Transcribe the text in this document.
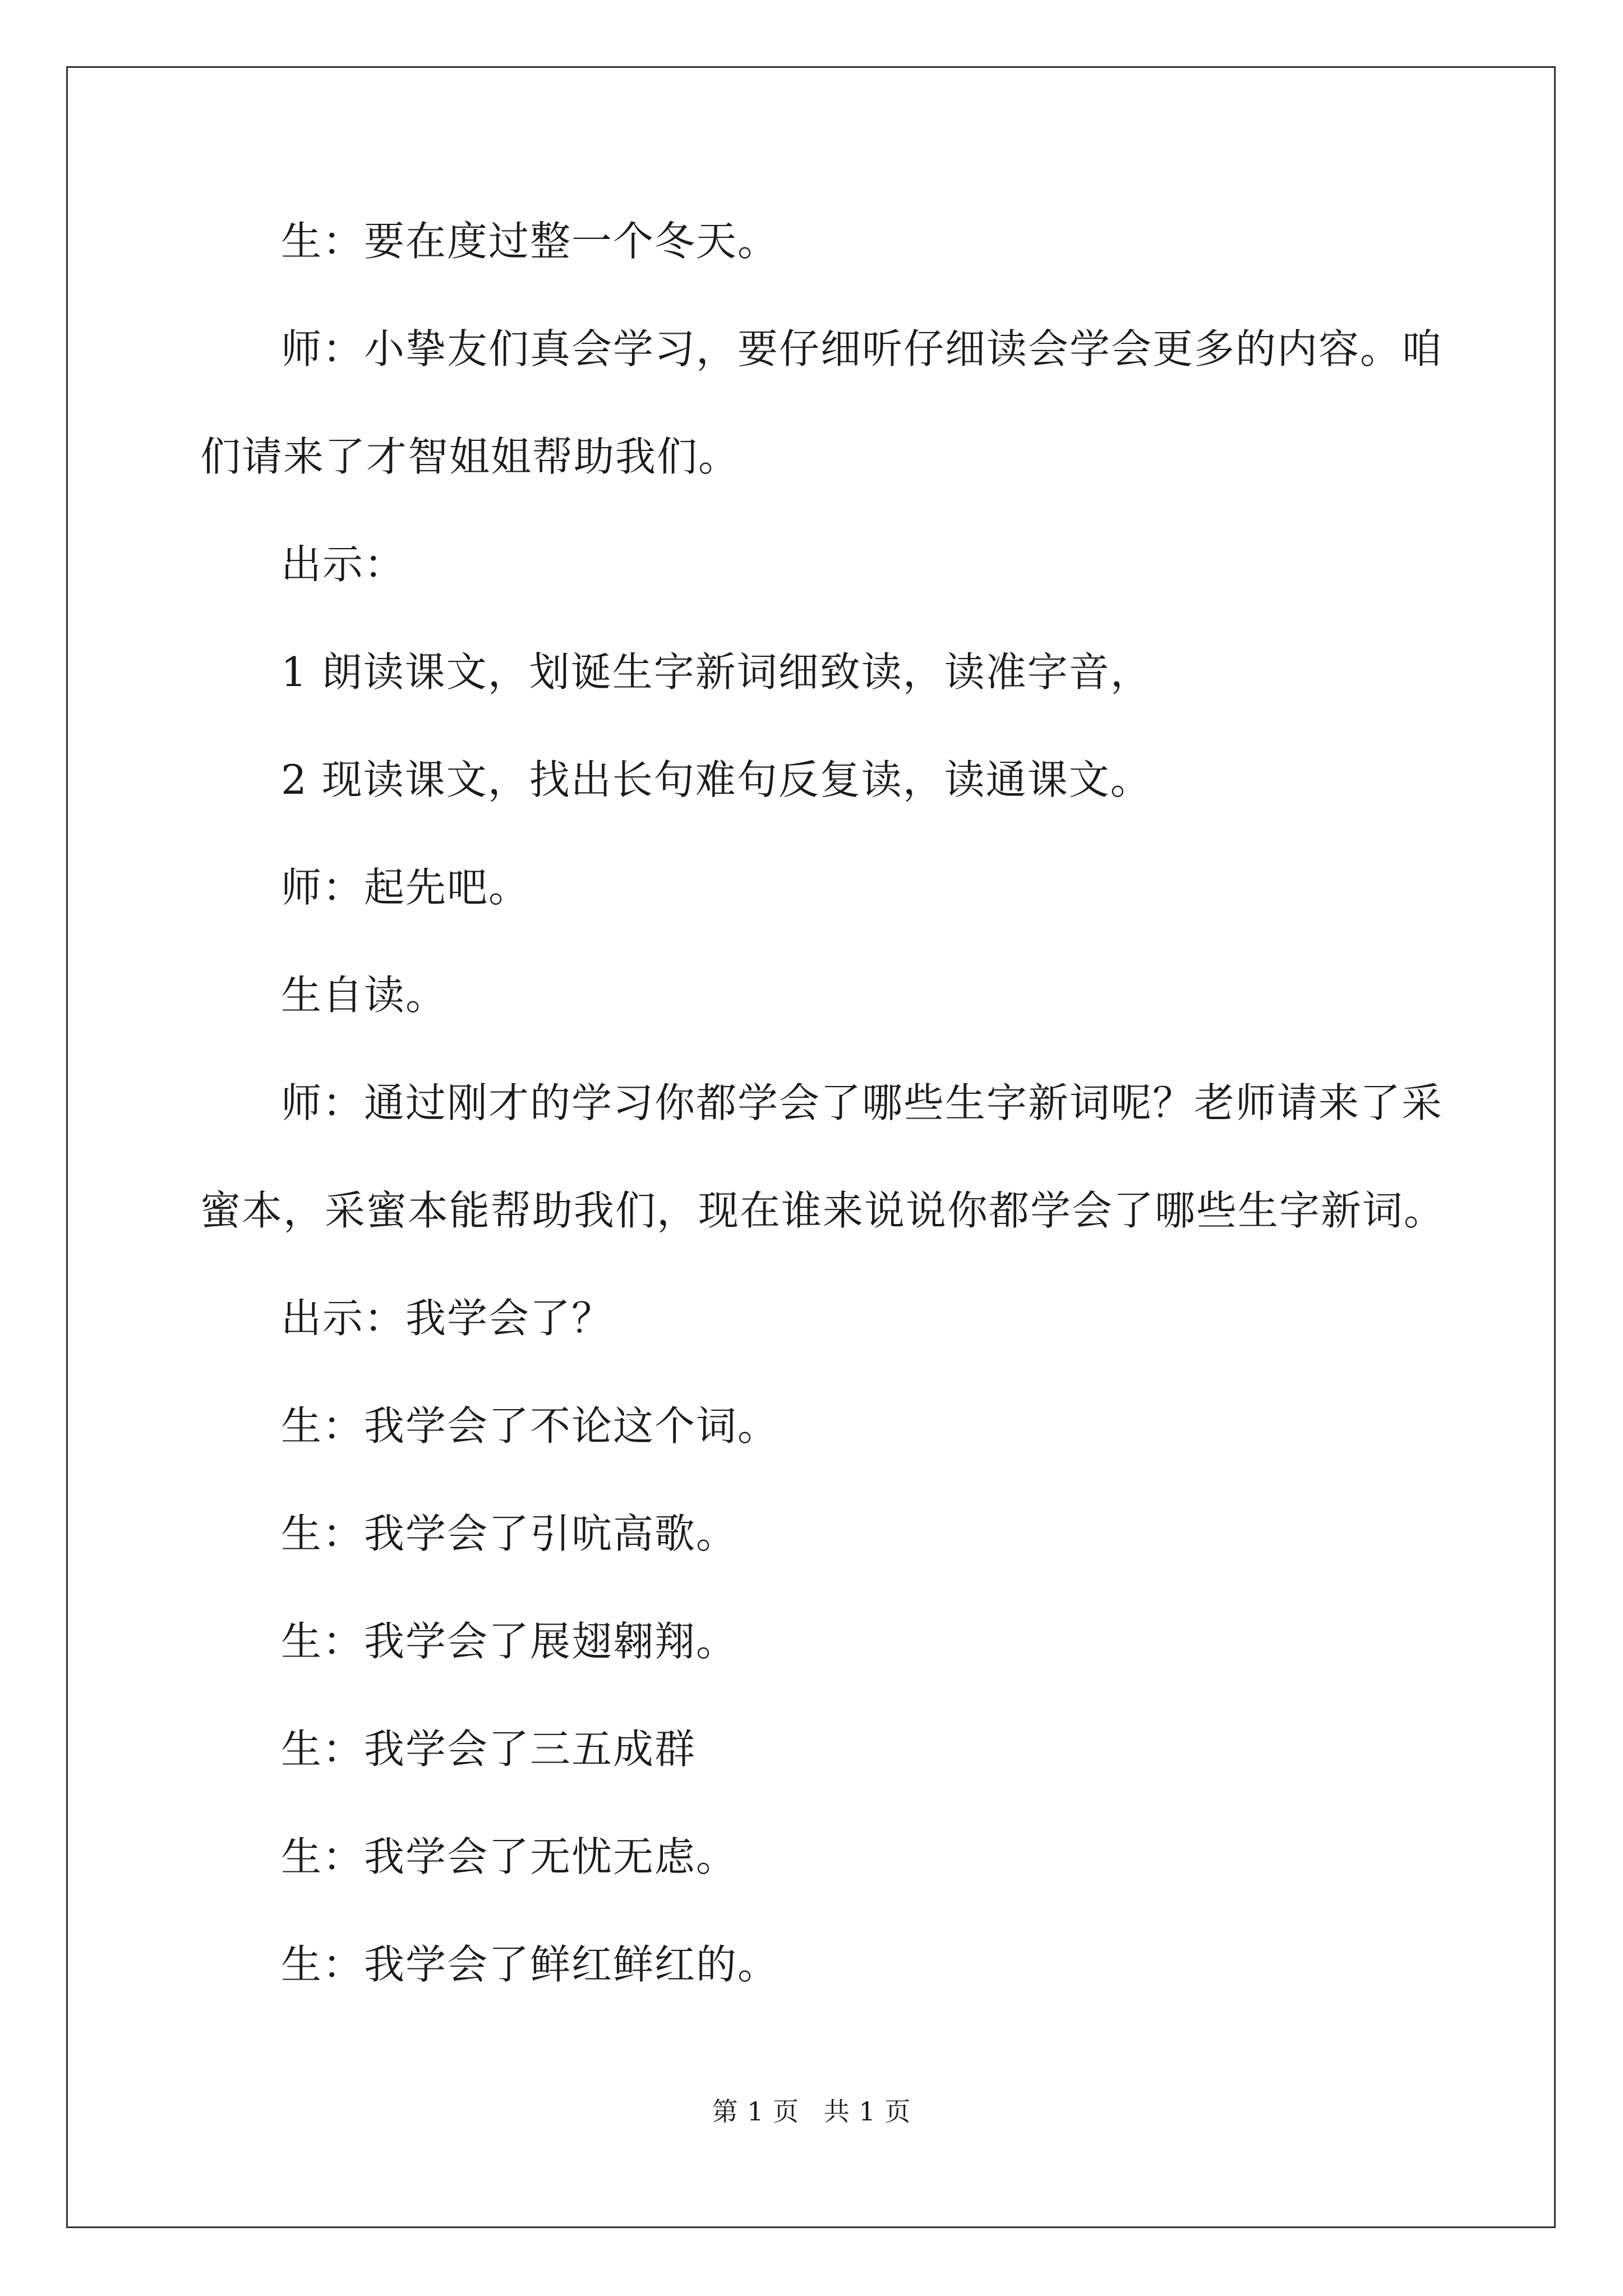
生：要在度过整一个冬天。
师：小挚友们真会学习，要仔细听仔细读会学会更多的内容。咱
们请来了才智姐姐帮助我们。
出示：
1 朗读课文，划诞生字新词细致读，读准字音，
2 现读课文，找出长句难句反复读，读通课文。
师：起先吧。
生自读。
师：通过刚才的学习你都学会了哪些生字新词呢？老师请来了采
蜜本，采蜜本能帮助我们，现在谁来说说你都学会了哪些生字新词。
出示：我学会了？
生：我学会了不论这个词。
生：我学会了引吭高歌。
生：我学会了展翅翱翔。
生：我学会了三五成群
生：我学会了无忧无虑。
生：我学会了鲜红鲜红的。
第 1 页 共 1 页
